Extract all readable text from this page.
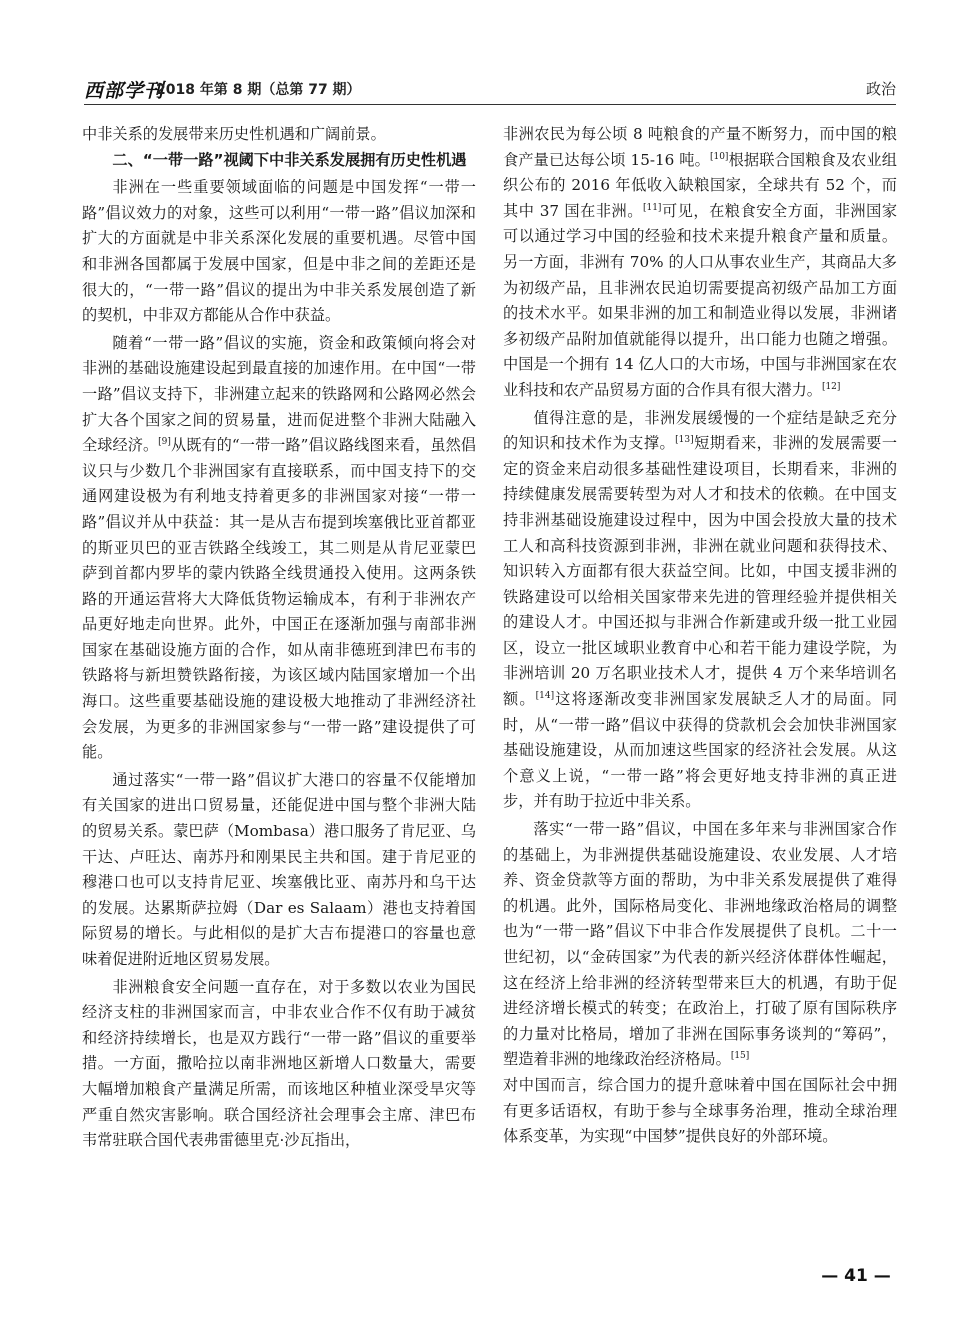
西部学刊
2018 年第 8 期（总第 77 期）	政治

中非关系的发展带来历史性机遇和广阔前景。

二、“一带一路”视阈下中非关系发展拥有历史性机遇

非洲在一些重要领域面临的问题是中国发挥“一带一路”倡议效力的对象，这些可以利用“一带一路”倡议加深和扩大的方面就是中非关系深化发展的重要机遇。尽管中国和非洲各国都属于发展中国家，但是中非之间的差距还是很大的，“一带一路”倡议的提出为中非关系发展创造了新的契机，中非双方都能从合作中获益。

随着“一带一路”倡议的实施，资金和政策倾向将会对非洲的基础设施建设起到最直接的加速作用。在中国“一带一路”倡议支持下，非洲建立起来的铁路网和公路网必然会扩大各个国家之间的贸易量，进而促进整个非洲大陆融入全球经济。[9]从既有的“一带一路”倡议路线图来看，虽然倡议只与少数几个非洲国家有直接联系，而中国支持下的交通网建设极为有利地支持着更多的非洲国家对接“一带一路”倡议并从中获益：其一是从吉布提到埃塞俄比亚首都亚的斯亚贝巴的亚吉铁路全线竣工，其二则是从肯尼亚蒙巴萨到首都内罗毕的蒙内铁路全线贯通投入使用。这两条铁路的开通运营将大大降低货物运输成本，有利于非洲农产品更好地走向世界。此外，中国正在逐渐加强与南部非洲国家在基础设施方面的合作，如从南非德班到津巴布韦的铁路将与新坦赞铁路衔接，为该区域内陆国家增加一个出海口。这些重要基础设施的建设极大地推动了非洲经济社会发展，为更多的非洲国家参与“一带一路”建设提供了可能。

通过落实“一带一路”倡议扩大港口的容量不仅能增加有关国家的进出口贸易量，还能促进中国与整个非洲大陆的贸易关系。蒙巴萨（Mombasa）港口服务了肯尼亚、乌干达、卢旺达、南苏丹和刚果民主共和国。建于肯尼亚的穆港口也可以支持肯尼亚、埃塞俄比亚、南苏丹和乌干达的发展。达累斯萨拉姆（Dar es Salaam）港也支持着国际贸易的增长。与此相似的是扩大吉布提港口的容量也意味着促进附近地区贸易发展。

非洲粮食安全问题一直存在，对于多数以农业为国民经济支柱的非洲国家而言，中非农业合作不仅有助于减贫和经济持续增长，也是双方践行“一带一路”倡议的重要举措。一方面，撒哈拉以南非洲地区新增人口数量大，需要大幅增加粮食产量满足所需，而该地区种植业深受旱灾等严重自然灾害影响。联合国经济社会理事会主席、津巴布韦常驻联合国代表弗雷德里克·沙瓦指出，

非洲农民为每公顷 8 吨粮食的产量不断努力，而中国的粮食产量已达每公顷 15-16 吨。[10]根据联合国粮食及农业组织公布的 2016 年低收入缺粮国家，全球共有 52 个，而其中 37 国在非洲。[11]可见，在粮食安全方面，非洲国家可以通过学习中国的经验和技术来提升粮食产量和质量。另一方面，非洲有 70% 的人口从事农业生产，其商品大多为初级产品，且非洲农民迫切需要提高初级产品加工方面的技术水平。如果非洲的加工和制造业得以发展，非洲诸多初级产品附加值就能得以提升，出口能力也随之增强。中国是一个拥有 14 亿人口的大市场，中国与非洲国家在农业科技和农产品贸易方面的合作具有很大潜力。[12]

值得注意的是，非洲发展缓慢的一个症结是缺乏充分的知识和技术作为支撑。[13]短期看来，非洲的发展需要一定的资金来启动很多基础性建设项目，长期看来，非洲的持续健康发展需要转型为对人才和技术的依赖。在中国支持非洲基础设施建设过程中，因为中国会投放大量的技术工人和高科技资源到非洲，非洲在就业问题和获得技术、知识转入方面都有很大获益空间。比如，中国支援非洲的铁路建设可以给相关国家带来先进的管理经验并提供相关的建设人才。中国还拟与非洲合作新建或升级一批工业园区，设立一批区域职业教育中心和若干能力建设学院，为非洲培训 20 万名职业技术人才，提供 4 万个来华培训名额。[14]这将逐渐改变非洲国家发展缺乏人才的局面。同时，从“一带一路”倡议中获得的贷款机会会加快非洲国家基础设施建设，从而加速这些国家的经济社会发展。从这个意义上说，“一带一路”将会更好地支持非洲的真正进步，并有助于拉近中非关系。

落实“一带一路”倡议，中国在多年来与非洲国家合作的基础上，为非洲提供基础设施建设、农业发展、人才培养、资金贷款等方面的帮助，为中非关系发展提供了难得的机遇。此外，国际格局变化、非洲地缘政治格局的调整也为“一带一路”倡议下中非合作发展提供了良机。二十一世纪初，以“金砖国家”为代表的新兴经济体群体性崛起，这在经济上给非洲的经济转型带来巨大的机遇，有助于促进经济增长模式的转变；在政治上，打破了原有国际秩序的力量对比格局，增加了非洲在国际事务谈判的“筹码”，塑造着非洲的地缘政治经济格局。[15]

对中国而言，综合国力的提升意味着中国在国际社会中拥有更多话语权，有助于参与全球事务治理，推动全球治理体系变革，为实现“中国梦”提供良好的外部环境。

— 41 —
